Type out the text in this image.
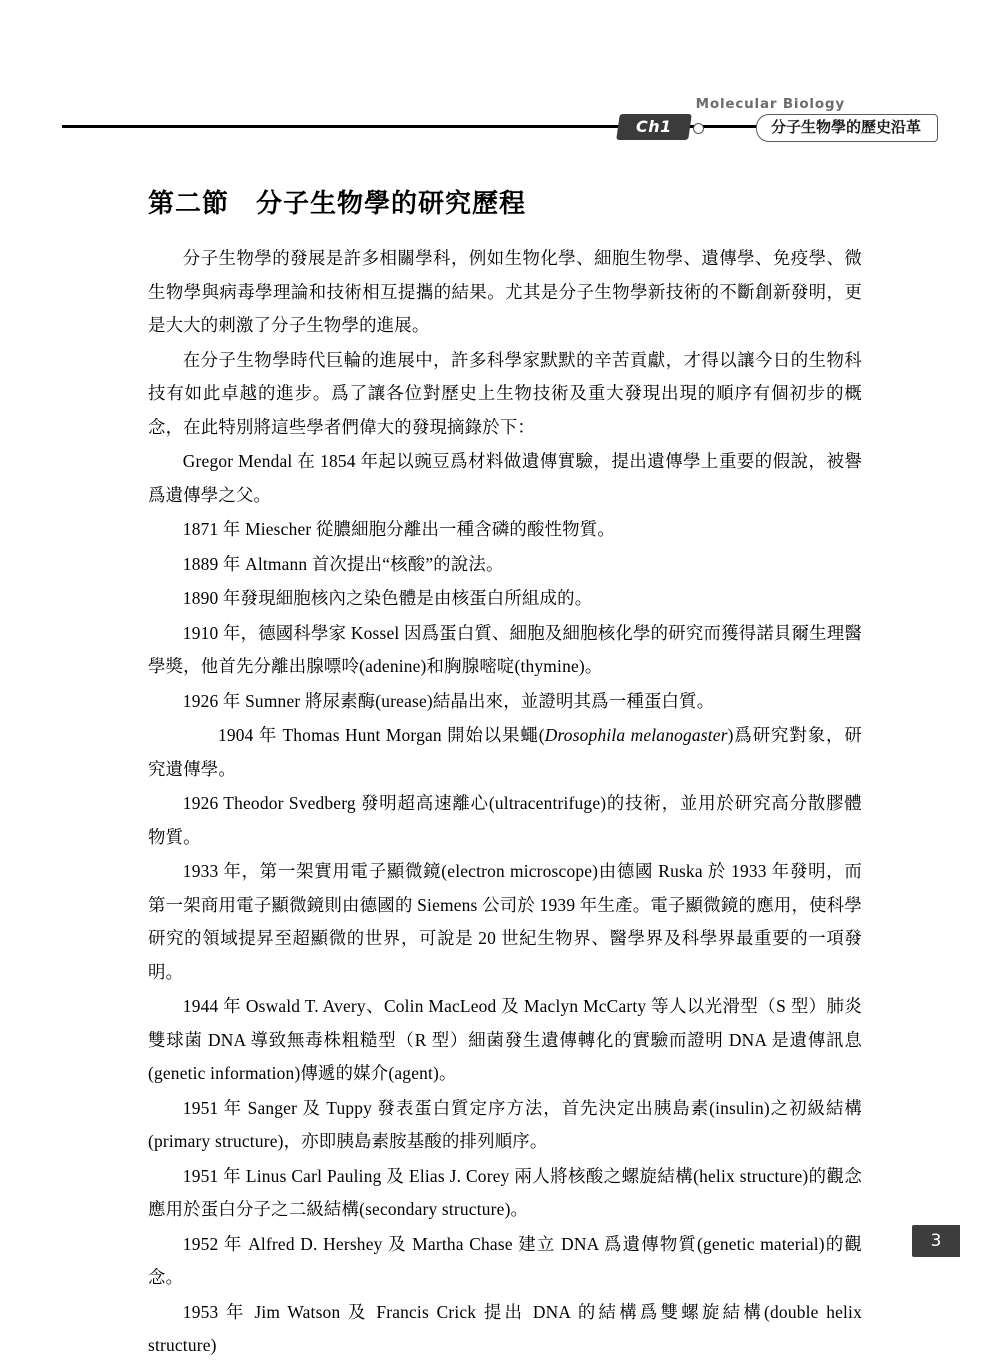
Molecular Biology
Ch1	分子生物學的歷史沿革
第二節　分子生物學的研究歷程

分子生物學的發展是許多相關學科，例如生物化學、細胞生物學、遺傳學、免疫學、微生物學與病毒學理論和技術相互提攜的結果。尤其是分子生物學新技術的不斷創新發明，更是大大的刺激了分子生物學的進展。

在分子生物學時代巨輪的進展中，許多科學家默默的辛苦貢獻，才得以讓今日的生物科技有如此卓越的進步。爲了讓各位對歷史上生物技術及重大發現出現的順序有個初步的概念，在此特別將這些學者們偉大的發現摘錄於下：

Gregor Mendal 在 1854 年起以豌豆爲材料做遺傳實驗，提出遺傳學上重要的假說，被譽爲遺傳學之父。

1871 年 Miescher 從膿細胞分離出一種含磷的酸性物質。

1889 年 Altmann 首次提出“核酸”的說法。

1890 年發現細胞核內之染色體是由核蛋白所組成的。

1910 年，德國科學家 Kossel 因爲蛋白質、細胞及細胞核化學的研究而獲得諾貝爾生理醫學獎，他首先分離出腺嘌呤(adenine)和胸腺嘧啶(thymine)。

1926 年 Sumner 將尿素酶(urease)結晶出來，並證明其爲一種蛋白質。

  1904 年 Thomas Hunt Morgan 開始以果蠅(Drosophila melanogaster)爲研究對象，研究遺傳學。

1926 Theodor Svedberg 發明超高速離心(ultracentrifuge)的技術，並用於研究高分散膠體物質。

1933 年，第一架實用電子顯微鏡(electron microscope)由德國 Ruska 於 1933 年發明，而第一架商用電子顯微鏡則由德國的 Siemens 公司於 1939 年生產。電子顯微鏡的應用，使科學研究的領域提昇至超顯微的世界，可說是 20 世紀生物界、醫學界及科學界最重要的一項發明。

1944 年 Oswald T. Avery、Colin MacLeod 及 Maclyn McCarty 等人以光滑型（S 型）肺炎雙球菌 DNA 導致無毒株粗糙型（R 型）細菌發生遺傳轉化的實驗而證明 DNA 是遺傳訊息(genetic information)傳遞的媒介(agent)。

1951 年 Sanger 及 Tuppy 發表蛋白質定序方法，首先決定出胰島素(insulin)之初級結構(primary structure)，亦即胰島素胺基酸的排列順序。

1951 年 Linus Carl Pauling 及 Elias J. Corey 兩人將核酸之螺旋結構(helix structure)的觀念應用於蛋白分子之二級結構(secondary structure)。

1952 年 Alfred D. Hershey 及 Martha Chase 建立 DNA 爲遺傳物質(genetic material)的觀念。

1953 年 Jim Watson 及 Francis Crick 提出 DNA 的結構爲雙螺旋結構(double helix structure)

3
